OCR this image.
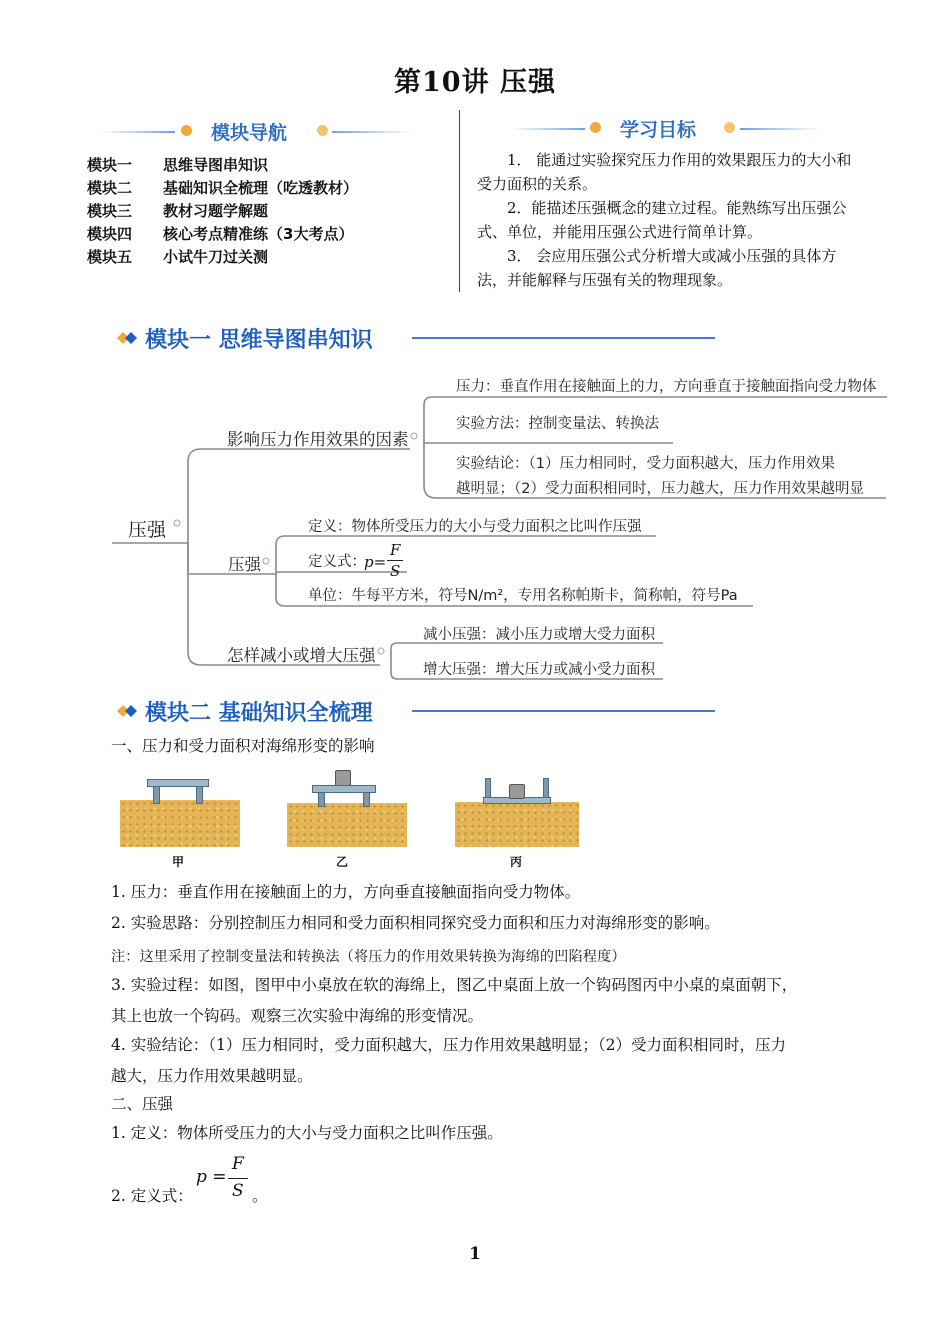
第10讲 压强
模块导航
模块一 思维导图串知识
模块二 基础知识全梳理（吃透教材）
模块三 教材习题学解题
模块四 核心考点精准练（3大考点）
模块五 小试牛刀过关测
学习目标
1． 能通过实验探究压力作用的效果跟压力的大小和受力面积的关系。
2．能描述压强概念的建立过程。能熟练写出压强公式、单位，并能用压强公式进行简单计算。
3． 会应用压强公式分析增大或减小压强的具体方法，并能解释与压强有关的物理现象。
模块一 思维导图串知识
压强
影响压力作用效果的因素
压力：垂直作用在接触面上的力，方向垂直于接触面指向受力物体
实验方法：控制变量法、转换法
实验结论：（1）压力相同时，受力面积越大，压力作用效果
越明显；（2）受力面积相同时，压力越大，压力作用效果越明显
压强
定义：物体所受压力的大小与受力面积之比叫作压强
定义式：
p=
F
S
单位：牛每平方米，符号N/m²，专用名称帕斯卡，简称帕，符号Pa
怎样减小或增大压强
减小压强：减小压力或增大受力面积
增大压强：增大压力或减小受力面积
模块二 基础知识全梳理
一、压力和受力面积对海绵形变的影响
甲	乙	丙
1. 压力：垂直作用在接触面上的力，方向垂直接触面指向受力物体。
2. 实验思路：分别控制压力相同和受力面积相同探究受力面积和压力对海绵形变的影响。
注：这里采用了控制变量法和转换法（将压力的作用效果转换为海绵的凹陷程度）
3. 实验过程：如图，图甲中小桌放在软的海绵上，图乙中桌面上放一个钩码图丙中小桌的桌面朝下，
其上也放一个钩码。观察三次实验中海绵的形变情况。
4. 实验结论：（1）压力相同时，受力面积越大，压力作用效果越明显；（2）受力面积相同时，压力
越大，压力作用效果越明显。
二、压强
1. 定义：物体所受压力的大小与受力面积之比叫作压强。
2. 定义式：
p =
F
S 。
1
